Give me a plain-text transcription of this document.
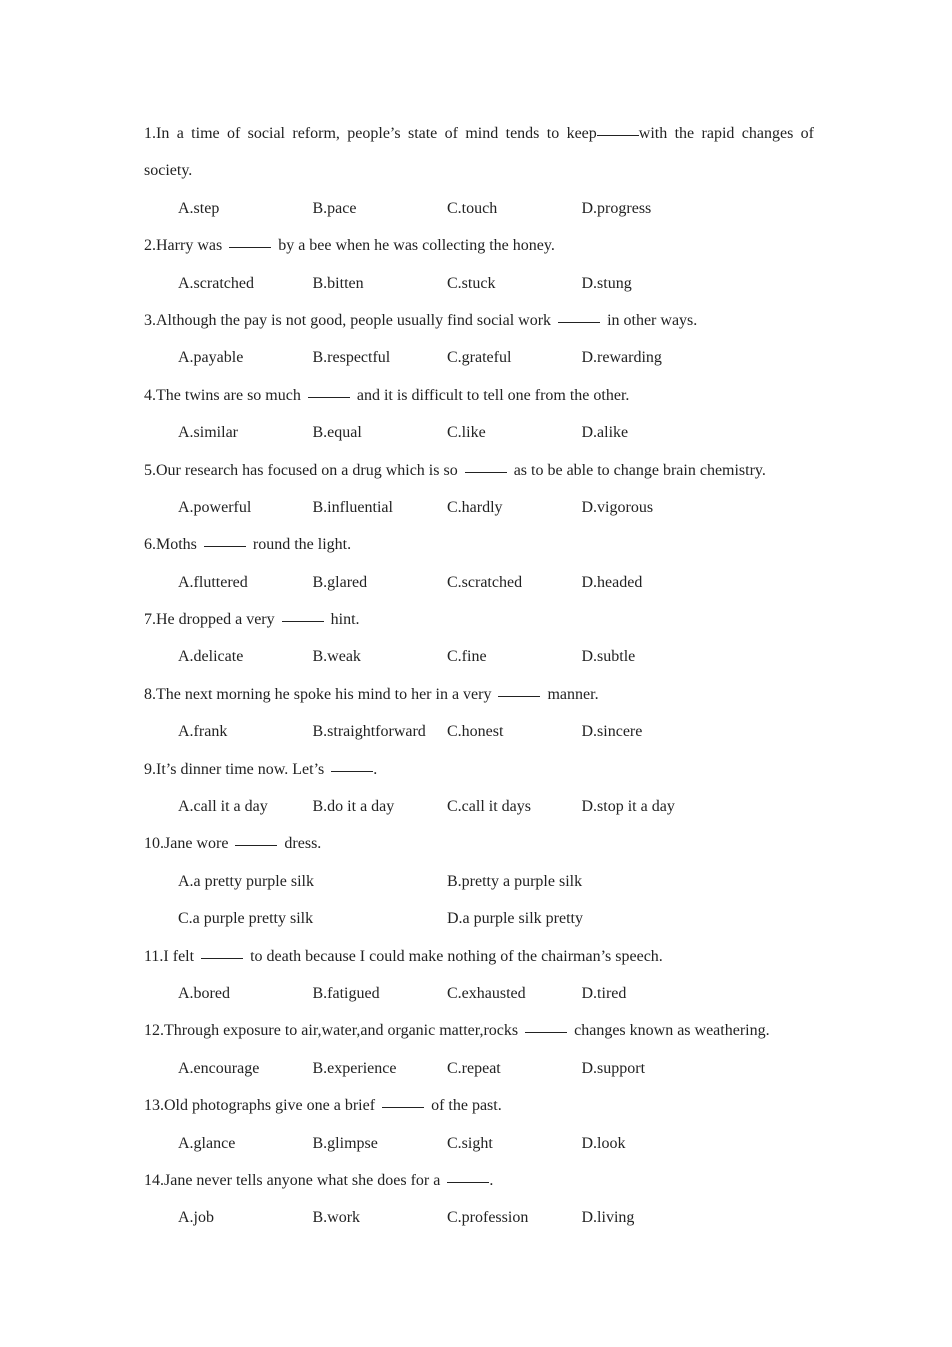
1.In a time of social reform, people’s state of mind tends to keep	with the rapid changes of
society.
A.step	B.pace	C.touch	D.progress
2.Harry was	by a bee when he was collecting the honey.
A.scratched	B.bitten	C.stuck	D.stung
3.Although the pay is not good, people usually find social work	in other ways.
A.payable	B.respectful	C.grateful	D.rewarding
4.The twins are so much	and it is difficult to tell one from the other.
A.similar	B.equal	C.like	D.alike
5.Our research has focused on a drug which is so	as to be able to change brain chemistry.
A.powerful	B.influential	C.hardly	D.vigorous
6.Moths	round the light.
A.fluttered	B.glared	C.scratched	D.headed
7.He dropped a very	hint.
A.delicate	B.weak	C.fine	D.subtle
8.The next morning he spoke his mind to her in a very	manner.
A.frank	B.straightforward	C.honest	D.sincere
9.It’s dinner time now. Let’s	.
A.call it a day	B.do it a day	C.call it days	D.stop it a day
10.Jane wore	dress.
A.a pretty purple silk	B.pretty a purple silk
C.a purple pretty silk	D.a purple silk pretty
11.I felt	to death because I could make nothing of the chairman’s speech.
A.bored	B.fatigued	C.exhausted	D.tired
12.Through exposure to air,water,and organic matter,rocks	changes known as weathering.
A.encourage	B.experience	C.repeat	D.support
13.Old photographs give one a brief	of the past.
A.glance	B.glimpse	C.sight	D.look
14.Jane never tells anyone what she does for a	.
A.job	B.work	C.profession	D.living
